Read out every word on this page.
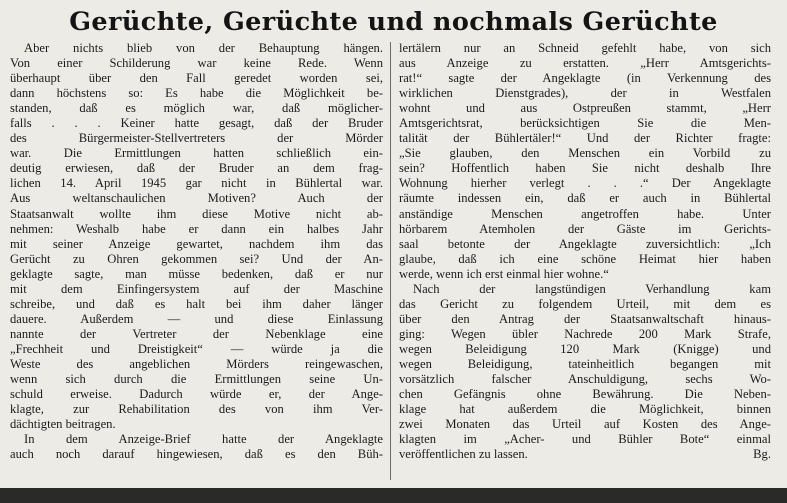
Gerüchte, Gerüchte und nochmals Gerüchte
Aber nichts blieb von der Behauptung hängen.
Von einer Schilderung war keine Rede. Wenn
überhaupt über den Fall geredet worden sei,
dann höchstens so: Es habe die Möglichkeit be-
standen, daß es möglich war, daß möglicher-
falls . . . Keiner hatte gesagt, daß der Bruder
des Bürgermeister-Stellvertreters der Mörder
war. Die Ermittlungen hatten schließlich ein-
deutig erwiesen, daß der Bruder an dem frag-
lichen 14. April 1945 gar nicht in Bühlertal war.
Aus weltanschaulichen Motiven? Auch der
Staatsanwalt wollte ihm diese Motive nicht ab-
nehmen: Weshalb habe er dann ein halbes Jahr
mit seiner Anzeige gewartet, nachdem ihm das
Gerücht zu Ohren gekommen sei? Und der An-
geklagte sagte, man müsse bedenken, daß er nur
mit dem Einfingersystem auf der Maschine
schreibe, und daß es halt bei ihm daher länger
dauere. Außerdem — und diese Einlassung
nannte der Vertreter der Nebenklage eine
„Frechheit und Dreistigkeit“ — würde ja die
Weste des angeblichen Mörders reingewaschen,
wenn sich durch die Ermittlungen seine Un-
schuld erweise. Dadurch würde er, der Ange-
klagte, zur Rehabilitation des von ihm Ver-
dächtigten beitragen.
In dem Anzeige-Brief hatte der Angeklagte
auch noch darauf hingewiesen, daß es den Büh-
lertälern nur an Schneid gefehlt habe, von sich
aus Anzeige zu erstatten. „Herr Amtsgerichts-
rat!“ sagte der Angeklagte (in Verkennung des
wirklichen Dienstgrades), der in Westfalen
wohnt und aus Ostpreußen stammt, „Herr
Amtsgerichtsrat, berücksichtigen Sie die Men-
talität der Bühlertäler!“ Und der Richter fragte:
„Sie glauben, den Menschen ein Vorbild zu
sein? Hoffentlich haben Sie nicht deshalb Ihre
Wohnung hierher verlegt . . .“ Der Angeklagte
räumte indessen ein, daß er auch in Bühlertal
anständige Menschen angetroffen habe. Unter
hörbarem Atemholen der Gäste im Gerichts-
saal betonte der Angeklagte zuversichtlich: „Ich
glaube, daß ich eine schöne Heimat hier haben
werde, wenn ich erst einmal hier wohne.“
Nach der langstündigen Verhandlung kam
das Gericht zu folgendem Urteil, mit dem es
über den Antrag der Staatsanwaltschaft hinaus-
ging: Wegen übler Nachrede 200 Mark Strafe,
wegen Beleidigung 120 Mark (Knigge) und
wegen Beleidigung, tateinheitlich begangen mit
vorsätzlich falscher Anschuldigung, sechs Wo-
chen Gefängnis ohne Bewährung. Die Neben-
klage hat außerdem die Möglichkeit, binnen
zwei Monaten das Urteil auf Kosten des Ange-
klagten im „Acher- und Bühler Bote“ einmal
veröffentlichen zu lassen.	Bg.
